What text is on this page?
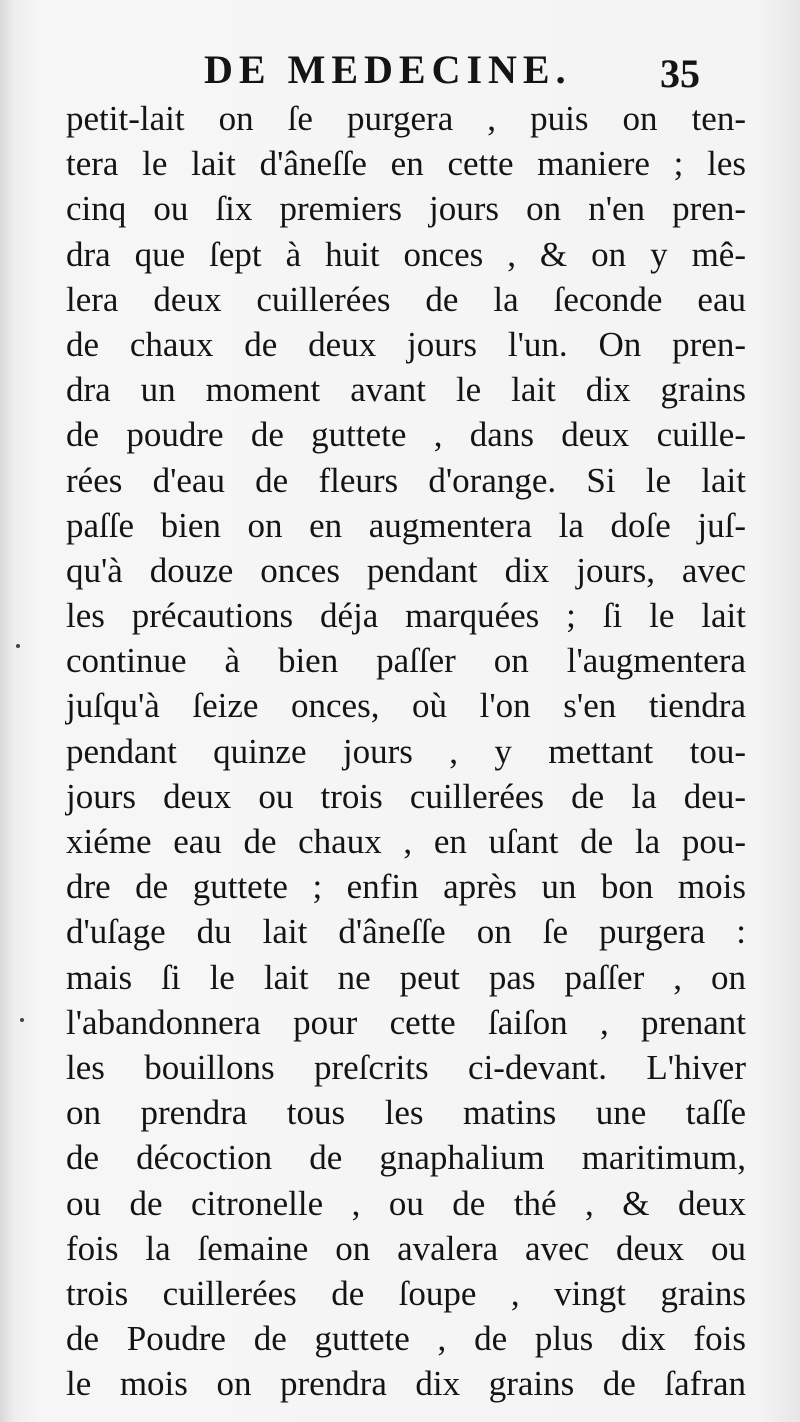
DE MEDECINE. 35
petit-lait on ſe purgera , puis on ten-
tera le lait d'âneſſe en cette maniere ; les
cinq ou ſix premiers jours on n'en pren-
dra que ſept à huit onces , & on y mê-
lera deux cuillerées de la ſeconde eau
de chaux de deux jours l'un. On pren-
dra un moment avant le lait dix grains
de poudre de guttete , dans deux cuille-
rées d'eau de fleurs d'orange. Si le lait
paſſe bien on en augmentera la doſe juſ-
qu'à douze onces pendant dix jours, avec
les précautions déja marquées ; ſi le lait
continue à bien paſſer on l'augmentera
juſqu'à ſeize onces, où l'on s'en tiendra
pendant quinze jours , y mettant tou-
jours deux ou trois cuillerées de la deu-
xiéme eau de chaux , en uſant de la pou-
dre de guttete ; enfin après un bon mois
d'uſage du lait d'âneſſe on ſe purgera :
mais ſi le lait ne peut pas paſſer , on
l'abandonnera pour cette ſaiſon , prenant
les bouillons preſcrits ci-devant. L'hiver
on prendra tous les matins une taſſe
de décoction de gnaphalium maritimum,
ou de citronelle , ou de thé , & deux
fois la ſemaine on avalera avec deux ou
trois cuillerées de ſoupe , vingt grains
de Poudre de guttete , de plus dix fois
le mois on prendra dix grains de ſafran
